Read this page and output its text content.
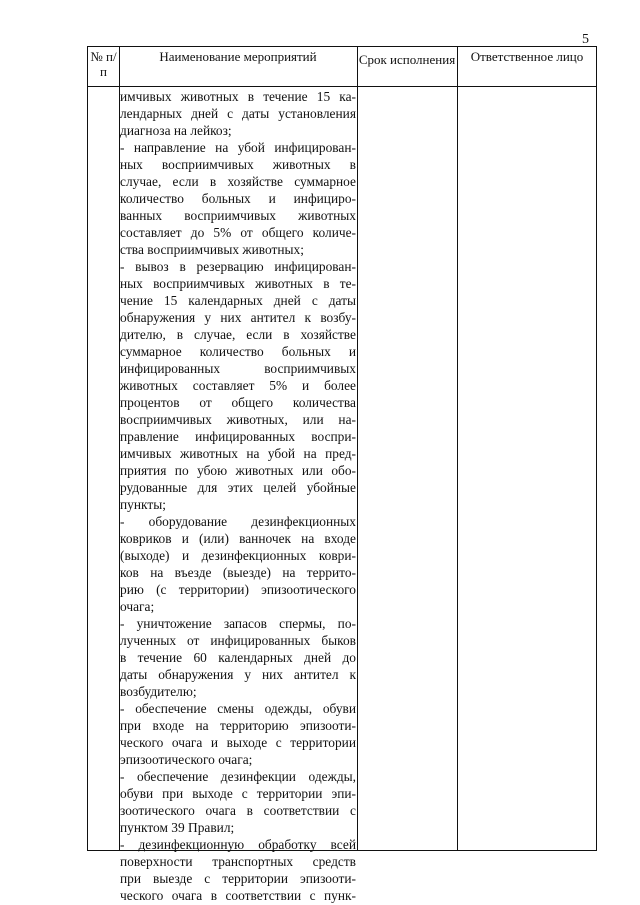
5
№ п/п
Наименование мероприятий	Срок исполнения	Ответственное лицо

имчивых животных в течение 15 ка-

лендарных дней с даты установления

диагноза на лейкоз;

- направление на убой инфицирован-

ных восприимчивых животных в

случае, если в хозяйстве суммарное

количество больных и инфициро-

ванных восприимчивых животных

составляет до 5% от общего количе-

ства восприимчивых животных;

- вывоз в резервацию инфицирован-

ных восприимчивых животных в те-

чение 15 календарных дней с даты

обнаружения у них антител к возбу-

дителю, в случае, если в хозяйстве

суммарное количество больных и

инфицированных восприимчивых

животных составляет 5% и более

процентов от общего количества

восприимчивых животных, или на-

правление инфицированных воспри-

имчивых животных на убой на пред-

приятия по убою животных или обо-

рудованные для этих целей убойные

пункты;

- оборудование дезинфекционных

ковриков и (или) ванночек на входе

(выходе) и дезинфекционных коври-

ков на въезде (выезде) на террито-

рию (с территории) эпизоотического

очага;

- уничтожение запасов спермы, по-

лученных от инфицированных быков

в течение 60 календарных дней до

даты обнаружения у них антител к

возбудителю;

- обеспечение смены одежды, обуви

при входе на территорию эпизооти-

ческого очага и выходе с территории

эпизоотического очага;

- обеспечение дезинфекции одежды,

обуви при выходе с территории эпи-

зоотического очага в соответствии с

пунктом 39 Правил;

- дезинфекционную обработку всей

поверхности транспортных средств

при выезде с территории эпизооти-

ческого очага в соответствии с пунк-
